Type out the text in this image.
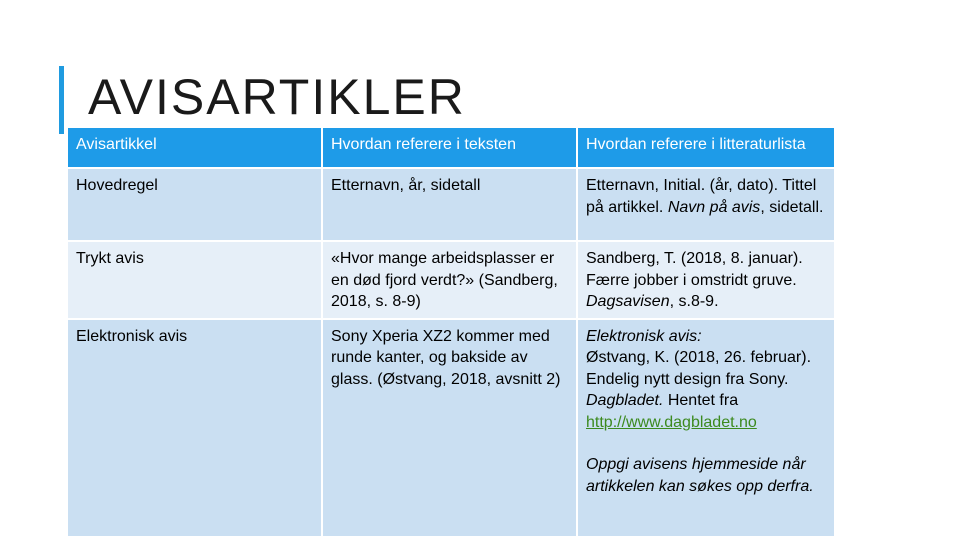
AVISARTIKLER
Avisartikkel	Hvordan referere i teksten	Hvordan referere i litteraturlista
Hovedregel	Etternavn, år, sidetall	Etternavn, Initial. (år, dato). Tittel på artikkel. Navn på avis, sidetall.
Trykt avis	«Hvor mange arbeidsplasser er en død fjord verdt?» (Sandberg, 2018, s. 8-9)	Sandberg, T. (2018, 8. januar). Færre jobber i omstridt gruve. Dagsavisen, s.8-9.
Elektronisk avis	Sony Xperia XZ2 kommer med runde kanter, og bakside av glass. (Østvang, 2018, avsnitt 2)	Elektronisk avis:
Østvang, K. (2018, 26. februar). Endelig nytt design fra Sony. Dagbladet. Hentet fra http://www.dagbladet.no
Oppgi avisens hjemmeside når artikkelen kan søkes opp derfra.
